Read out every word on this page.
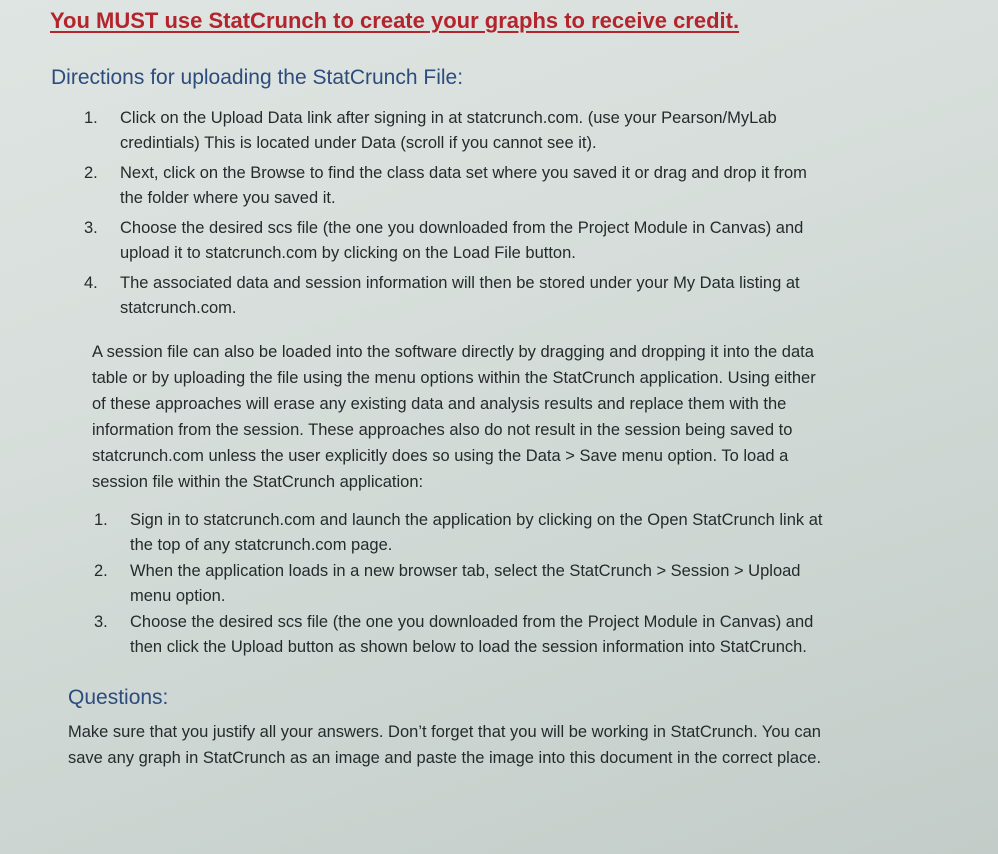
You MUST use StatCrunch to create your graphs to receive credit.
Directions for uploading the StatCrunch File:
1. Click on the Upload Data link after signing in at statcrunch.com. (use your Pearson/MyLab
credintials) This is located under Data (scroll if you cannot see it).
2. Next, click on the Browse to find the class data set where you saved it or drag and drop it from
the folder where you saved it.
3. Choose the desired scs file (the one you downloaded from the Project Module in Canvas) and
upload it to statcrunch.com by clicking on the Load File button.
4. The associated data and session information will then be stored under your My Data listing at
statcrunch.com.

A session file can also be loaded into the software directly by dragging and dropping it into the data
table or by uploading the file using the menu options within the StatCrunch application. Using either
of these approaches will erase any existing data and analysis results and replace them with the
information from the session. These approaches also do not result in the session being saved to
statcrunch.com unless the user explicitly does so using the Data > Save menu option. To load a
session file within the StatCrunch application:

1. Sign in to statcrunch.com and launch the application by clicking on the Open StatCrunch link at
the top of any statcrunch.com page.
2. When the application loads in a new browser tab, select the StatCrunch > Session > Upload
menu option.
3. Choose the desired scs file (the one you downloaded from the Project Module in Canvas) and
then click the Upload button as shown below to load the session information into StatCrunch.
Questions:

Make sure that you justify all your answers. Don’t forget that you will be working in StatCrunch. You can
save any graph in StatCrunch as an image and paste the image into this document in the correct place.
